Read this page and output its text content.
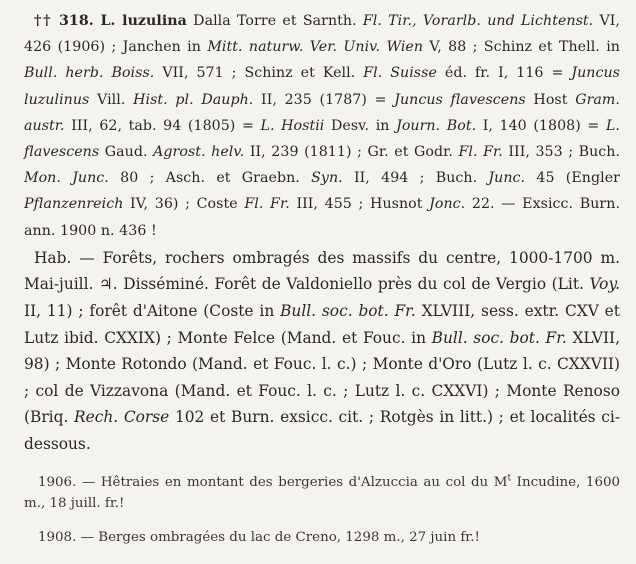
†† 318. L. luzulina Dalla Torre et Sarnth. Fl. Tir., Vorarlb. und Lichtenst. VI, 426 (1906) ; Janchen in Mitt. naturw. Ver. Univ. Wien V, 88 ; Schinz et Thell. in Bull. herb. Boiss. VII, 571 ; Schinz et Kell. Fl. Suisse éd. fr. I, 116 = Juncus luzulinus Vill. Hist. pl. Dauph. II, 235 (1787) = Juncus flavescens Host Gram. austr. III, 62, tab. 94 (1805) = L. Hostii Desv. in Journ. Bot. I, 140 (1808) = L. flavescens Gaud. Agrost. helv. II, 239 (1811) ; Gr. et Godr. Fl. Fr. III, 353 ; Buch. Mon. Junc. 80 ; Asch. et Graebn. Syn. II, 494 ; Buch. Junc. 45 (Engler Pflanzenreich IV, 36) ; Coste Fl. Fr. III, 455 ; Husnot Jonc. 22. — Exsicc. Burn. ann. 1900 n. 436 !

Hab. — Forêts, rochers ombragés des massifs du centre, 1000-1700 m. Mai-juill. ♃. Disséminé. Forêt de Valdoniello près du col de Vergio (Lit. Voy. II, 11) ; forêt d'Aitone (Coste in Bull. soc. bot. Fr. XLVIII, sess. extr. CXV et Lutz ibid. CXXIX) ; Monte Felce (Mand. et Fouc. in Bull. soc. bot. Fr. XLVII, 98) ; Monte Rotondo (Mand. et Fouc. l. c.) ; Monte d'Oro (Lutz l. c. CXXVII) ; col de Vizzavona (Mand. et Fouc. l. c. ; Lutz l. c. CXXVI) ; Monte Renoso (Briq. Rech. Corse 102 et Burn. exsicc. cit. ; Rotgès in litt.) ; et localités ci-dessous.

1906. — Hêtraies en montant des bergeries d'Alzuccia au col du $M^t$ Incudine, 1600 m., 18 juill. fr.!

1908. — Berges ombragées du lac de Creno, 1298 m., 27 juin fr.!
